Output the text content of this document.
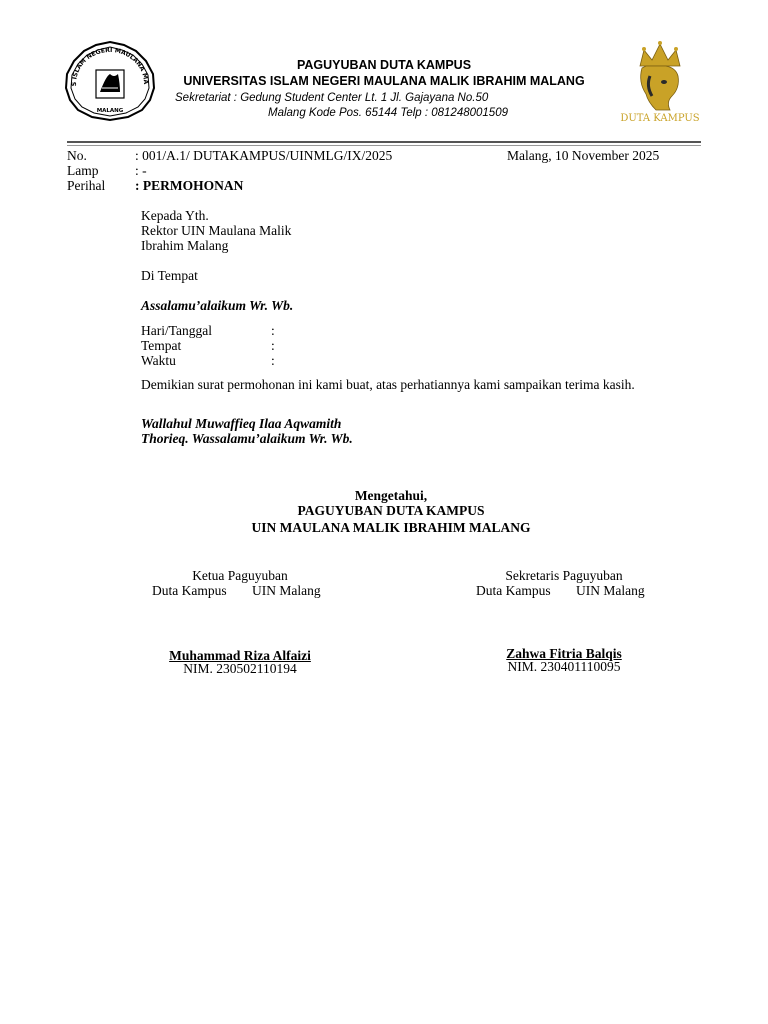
S ISLAM NEGERI MAULANA MA
MALANG
PAGUYUBAN DUTA KAMPUS
UNIVERSITAS ISLAM NEGERI MAULANA MALIK IBRAHIM MALANG
Sekretariat : Gedung Student Center Lt. 1 Jl. Gajayana No.50
Malang Kode Pos. 65144 Telp : 081248001509	DUTA KAMPUS
No.	: 001/A.1/ DUTAKAMPUS/UINMLG/IX/2025	Malang, 10 November 2025
Lamp	: -
Perihal : PERMOHONAN
Kepada Yth.
Rektor UIN Maulana Malik
Ibrahim Malang
Di Tempat
Assalamu’alaikum Wr. Wb.
Hari/Tanggal	:
Tempat	:
Waktu	:
Demikian surat permohonan ini kami buat, atas perhatiannya kami sampaikan terima kasih.
Wallahul Muwaffieq Ilaa Aqwamith
Thorieq. Wassalamu’alaikum Wr. Wb.
Mengetahui,
PAGUYUBAN DUTA KAMPUS
UIN MAULANA MALIK IBRAHIM MALANG
Ketua Paguyuban
Duta Kampus UIN Malang
Muhammad Riza Alfaizi
NIM. 230502110194
Sekretaris Paguyuban
Duta Kampus UIN Malang
Zahwa Fitria Balqis
NIM. 230401110095
